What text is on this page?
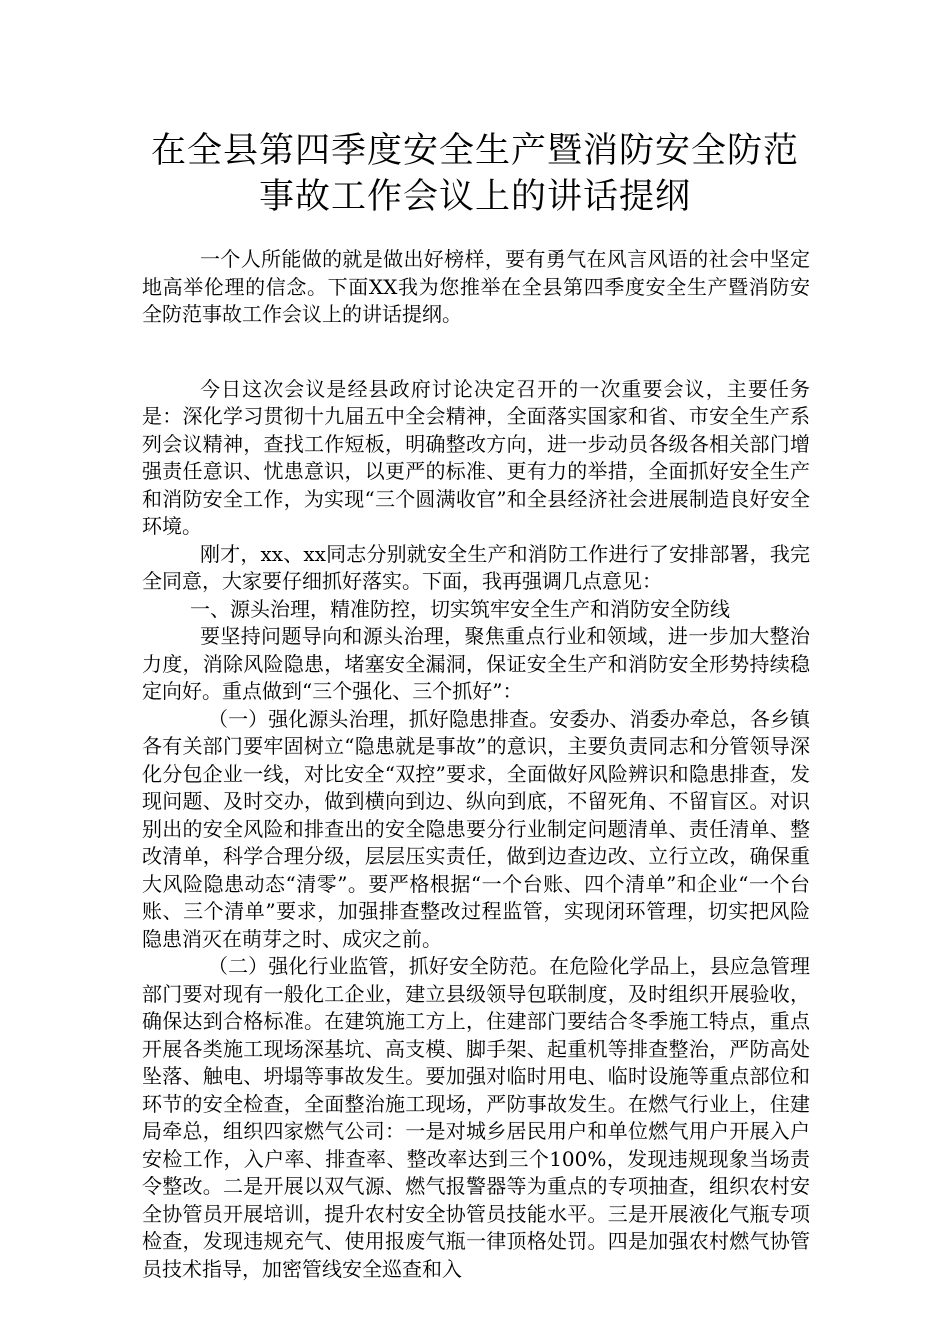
在全县第四季度安全生产暨消防安全防范
事故工作会议上的讲话提纲

一个人所能做的就是做出好榜样，要有勇气在风言风语的社会中坚定地高举伦理的信念。下面XX我为您推举在全县第四季度安全生产暨消防安全防范事故工作会议上的讲话提纲。

今日这次会议是经县政府讨论决定召开的一次重要会议，主要任务是：深化学习贯彻十九届五中全会精神，全面落实国家和省、市安全生产系列会议精神，查找工作短板，明确整改方向，进一步动员各级各相关部门增强责任意识、忧患意识，以更严的标准、更有力的举措，全面抓好安全生产和消防安全工作，为实现“三个圆满收官”和全县经济社会进展制造良好安全环境。

刚才，xx、xx同志分别就安全生产和消防工作进行了安排部署，我完全同意，大家要仔细抓好落实。下面，我再强调几点意见：

一、源头治理，精准防控，切实筑牢安全生产和消防安全防线

要坚持问题导向和源头治理，聚焦重点行业和领域，进一步加大整治力度，消除风险隐患，堵塞安全漏洞，保证安全生产和消防安全形势持续稳定向好。重点做到“三个强化、三个抓好”：

（一）强化源头治理，抓好隐患排查。安委办、消委办牵总，各乡镇各有关部门要牢固树立“隐患就是事故”的意识，主要负责同志和分管领导深化分包企业一线，对比安全“双控”要求，全面做好风险辨识和隐患排查，发现问题、及时交办，做到横向到边、纵向到底，不留死角、不留盲区。对识别出的安全风险和排查出的安全隐患要分行业制定问题清单、责任清单、整改清单，科学合理分级，层层压实责任，做到边查边改、立行立改，确保重大风险隐患动态“清零”。要严格根据“一个台账、四个清单”和企业“一个台账、三个清单”要求，加强排查整改过程监管，实现闭环管理，切实把风险隐患消灭在萌芽之时、成灾之前。

（二）强化行业监管，抓好安全防范。在危险化学品上，县应急管理部门要对现有一般化工企业，建立县级领导包联制度，及时组织开展验收，确保达到合格标准。在建筑施工方上，住建部门要结合冬季施工特点，重点开展各类施工现场深基坑、高支模、脚手架、起重机等排查整治，严防高处坠落、触电、坍塌等事故发生。要加强对临时用电、临时设施等重点部位和环节的安全检查，全面整治施工现场，严防事故发生。在燃气行业上，住建局牵总，组织四家燃气公司：一是对城乡居民用户和单位燃气用户开展入户安检工作，入户率、排查率、整改率达到三个100%，发现违规现象当场责令整改。二是开展以双气源、燃气报警器等为重点的专项抽查，组织农村安全协管员开展培训，提升农村安全协管员技能水平。三是开展液化气瓶专项检查，发现违规充气、使用报废气瓶一律顶格处罚。四是加强农村燃气协管员技术指导，加密管线安全巡查和入
